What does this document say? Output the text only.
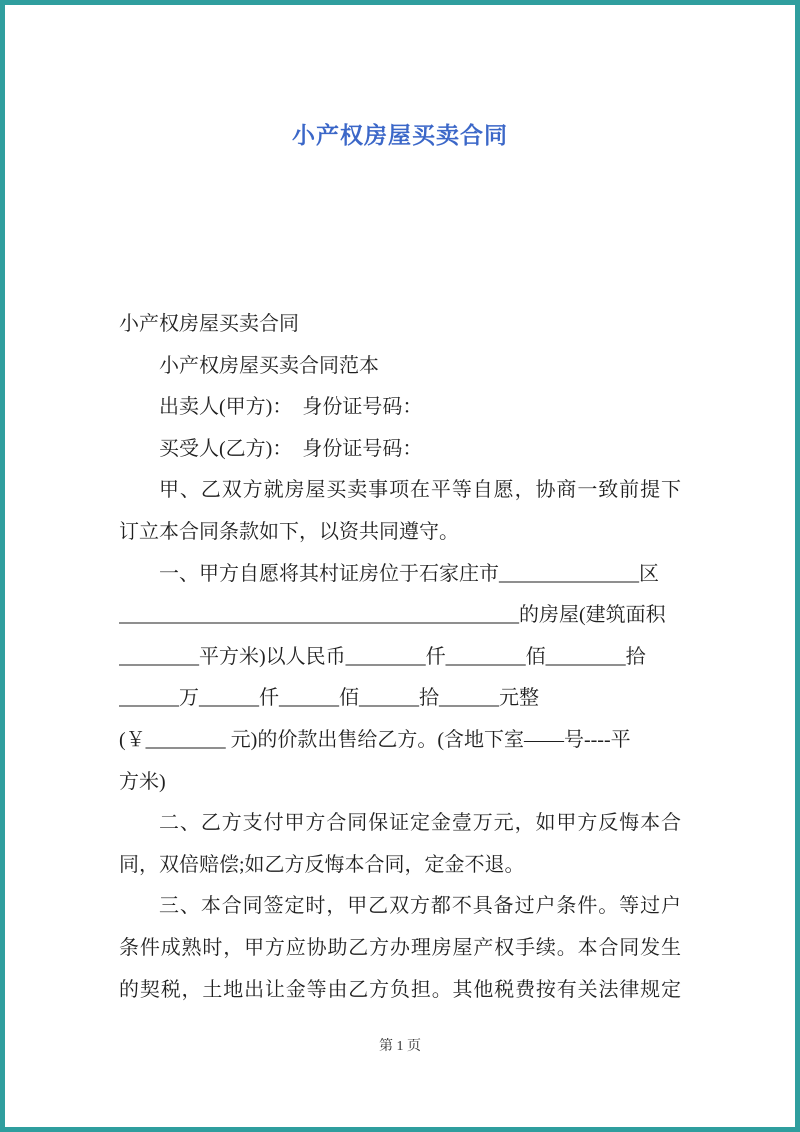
小产权房屋买卖合同
小产权房屋买卖合同
小产权房屋买卖合同范本
出卖人(甲方)：　身份证号码：
买受人(乙方)：　身份证号码：
甲、乙双方就房屋买卖事项在平等自愿，协商一致前提下
订立本合同条款如下，以资共同遵守。
一、甲方自愿将其村证房位于石家庄市______________区
________________________________________的房屋(建筑面积
________平方米)以人民币________仟________佰________拾
______万______仟______佰______拾______元整
(￥________ 元)的价款出售给乙方。(含地下室——号----平
方米)
二、乙方支付甲方合同保证定金壹万元，如甲方反悔本合
同，双倍赔偿;如乙方反悔本合同，定金不退。
三、本合同签定时，甲乙双方都不具备过户条件。等过户
条件成熟时，甲方应协助乙方办理房屋产权手续。本合同发生
的契税，土地出让金等由乙方负担。其他税费按有关法律规定
第 1 页
